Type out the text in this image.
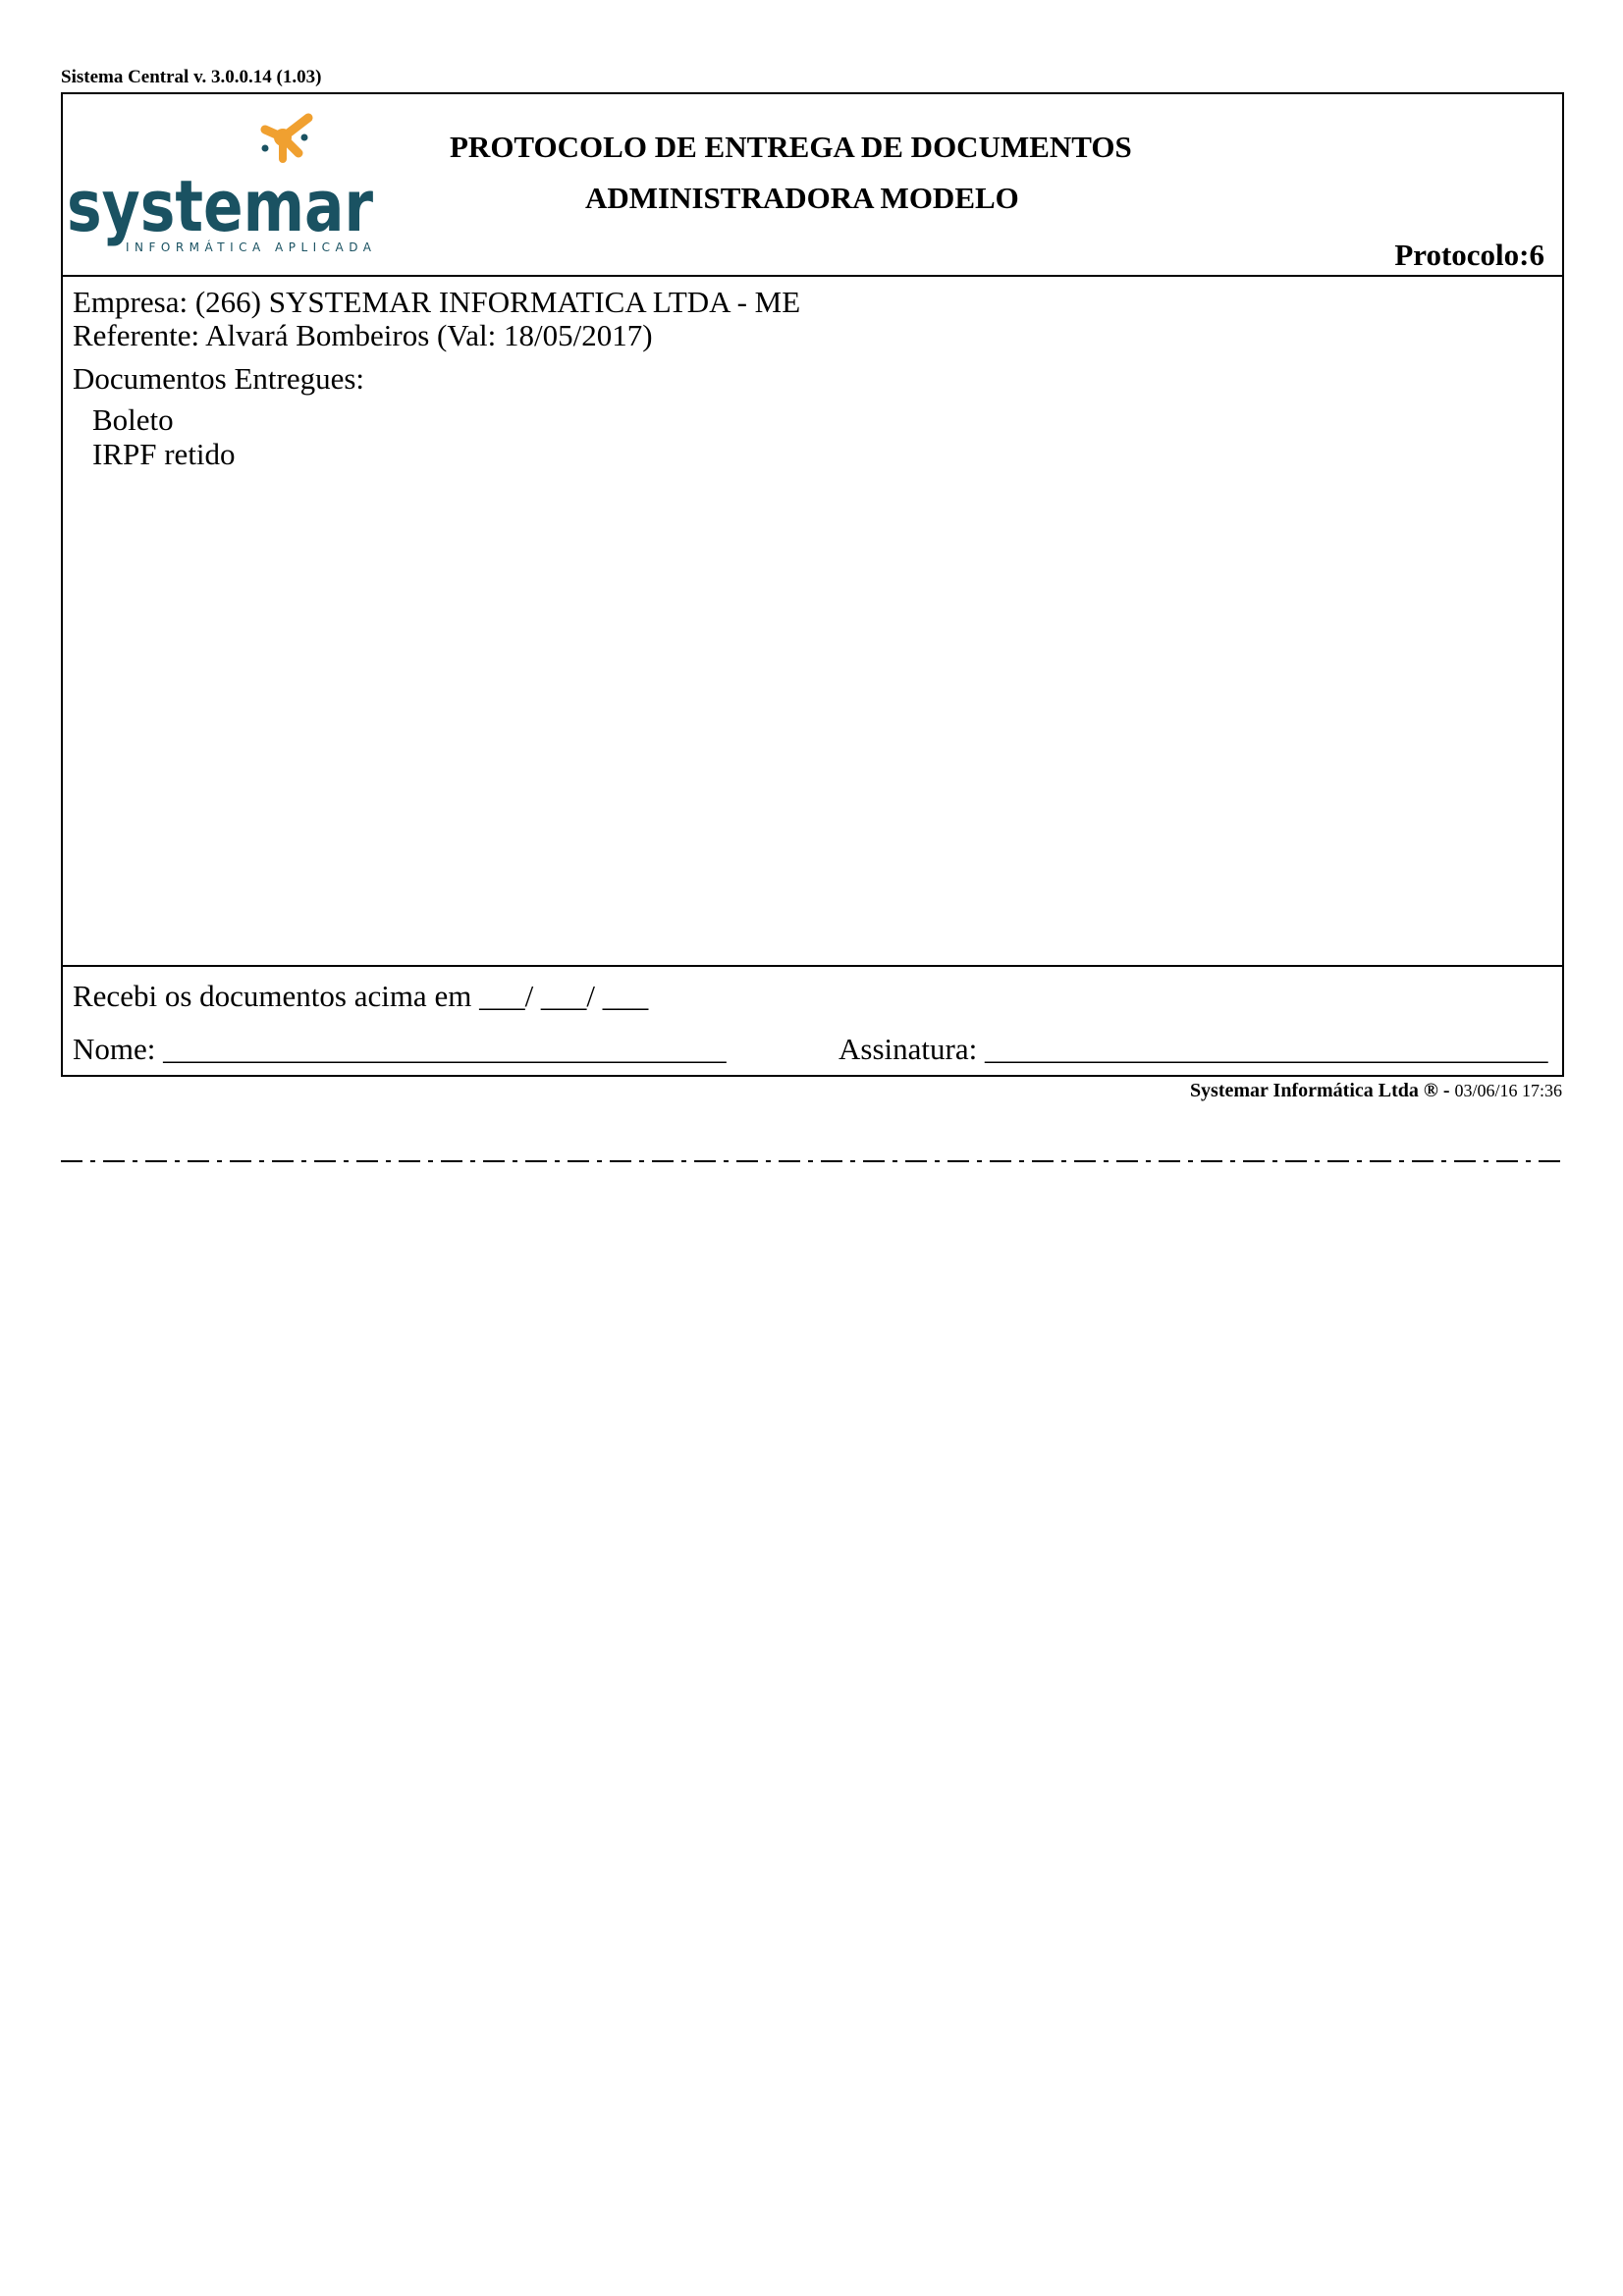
Sistema Central v. 3.0.0.14 (1.03)
systemar
INFORMÁTICA APLICADA
PROTOCOLO DE ENTREGA DE DOCUMENTOS
ADMINISTRADORA MODELO
Protocolo:6
Empresa: (266) SYSTEMAR INFORMATICA LTDA - ME
Referente: Alvará Bombeiros (Val: 18/05/2017)
Documentos Entregues:
Boleto
IRPF retido
Recebi os documentos acima em ___/ ___/ ___
Nome: _____________________________________	Assinatura: _____________________________________
Systemar Informática Ltda ® - 03/06/16 17:36
